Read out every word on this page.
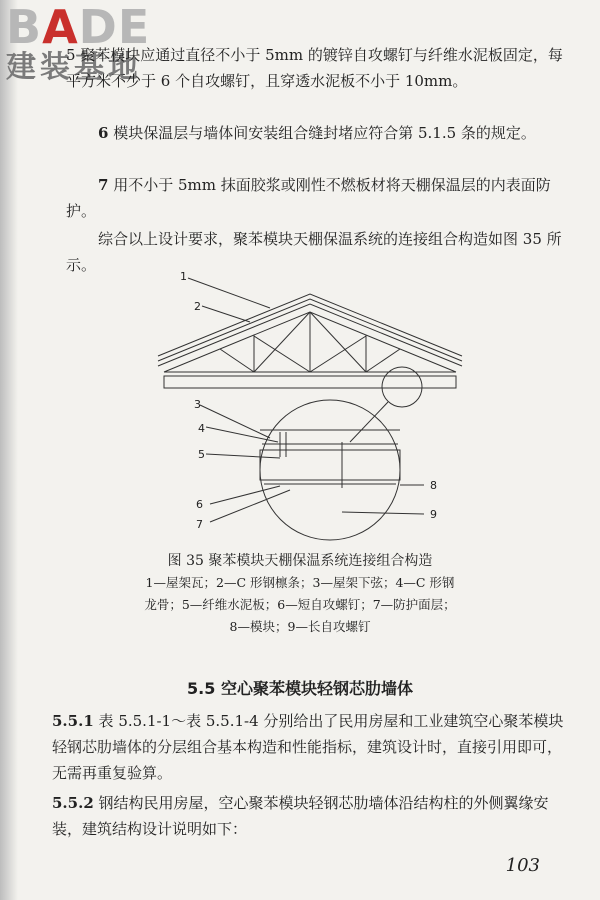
BADE
建装基地
5 聚苯模块应通过直径不小于 5mm 的镀锌自攻螺钉与纤维水泥板固定，每平方米不少于 6 个自攻螺钉，且穿透水泥板不小于 10mm。
6 模块保温层与墙体间安装组合缝封堵应符合第 5.1.5 条的规定。
7 用不小于 5mm 抹面胶浆或刚性不燃板材将天棚保温层的内表面防护。
综合以上设计要求，聚苯模块天棚保温系统的连接组合构造如图 35 所示。
1
2
3
4
5
8
6
7
9
图 35 聚苯模块天棚保温系统连接组合构造
1—屋架瓦；2—C 形钢檩条；3—屋架下弦；4—C 形钢
龙骨；5—纤维水泥板；6—短自攻螺钉；7—防护面层；
8—模块；9—长自攻螺钉
5.5 空心聚苯模块轻钢芯肋墙体
5.5.1 表 5.5.1-1～表 5.5.1-4 分别给出了民用房屋和工业建筑空心聚苯模块轻钢芯肋墙体的分层组合基本构造和性能指标，建筑设计时，直接引用即可，无需再重复验算。
5.5.2 钢结构民用房屋，空心聚苯模块轻钢芯肋墙体沿结构柱的外侧翼缘安装，建筑结构设计说明如下：
103
